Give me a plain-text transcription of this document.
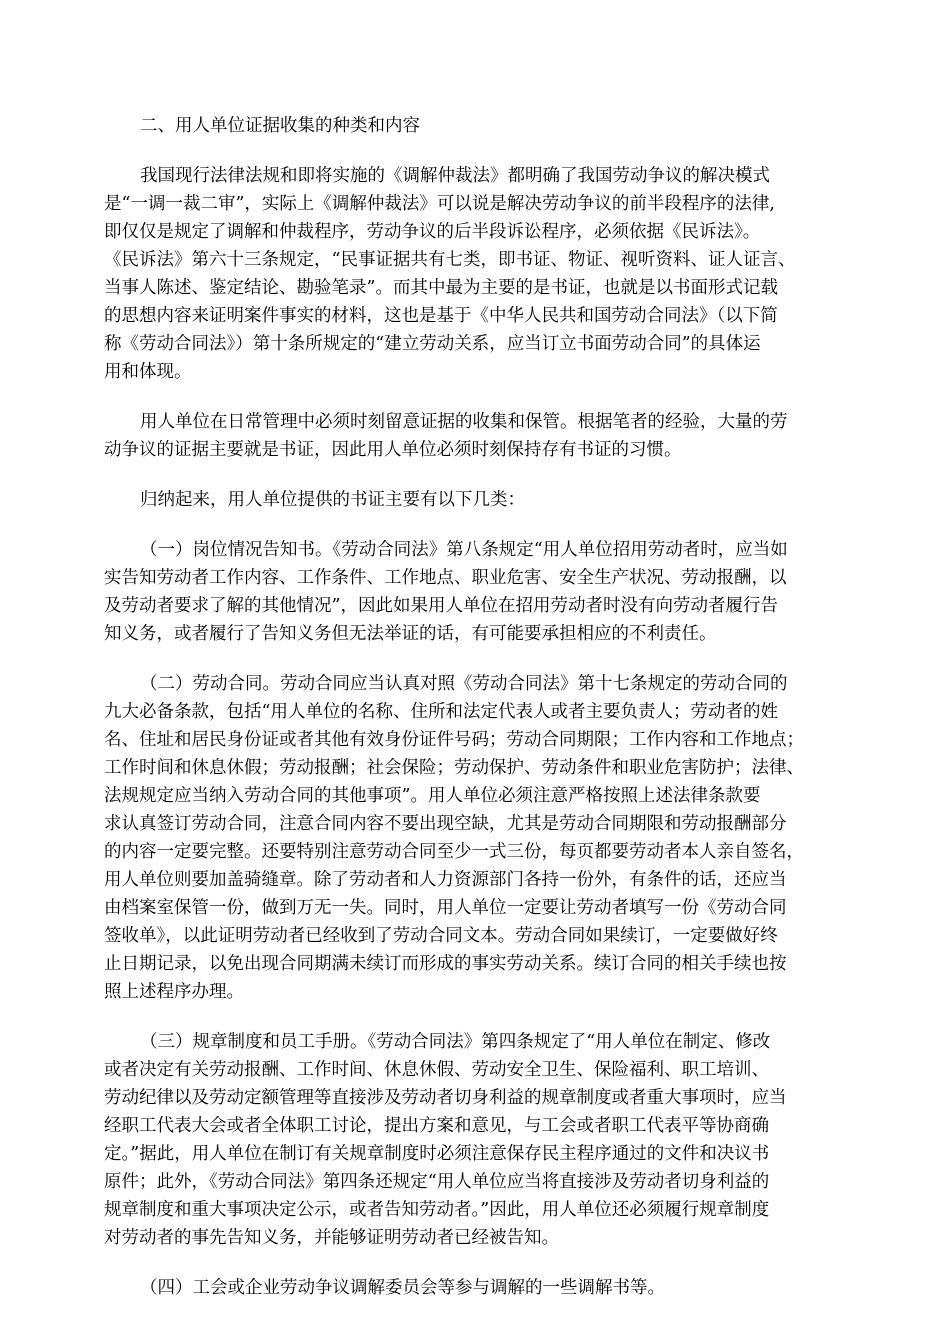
二、用人单位证据收集的种类和内容
我国现行法律法规和即将实施的《调解仲裁法》都明确了我国劳动争议的解决模式
是“一调一裁二审”，实际上《调解仲裁法》可以说是解决劳动争议的前半段程序的法律,
即仅仅是规定了调解和仲裁程序，劳动争议的后半段诉讼程序，必须依据《民诉法》。
《民诉法》第六十三条规定，“民事证据共有七类，即书证、物证、视听资料、证人证言、
当事人陈述、鉴定结论、勘验笔录”。而其中最为主要的是书证，也就是以书面形式记载
的思想内容来证明案件事实的材料，这也是基于《中华人民共和国劳动合同法》（以下简
称《劳动合同法》）第十条所规定的“建立劳动关系，应当订立书面劳动合同”的具体运
用和体现。
用人单位在日常管理中必须时刻留意证据的收集和保管。根据笔者的经验，大量的劳
动争议的证据主要就是书证，因此用人单位必须时刻保持存有书证的习惯。
归纳起来，用人单位提供的书证主要有以下几类：
（一）岗位情况告知书。《劳动合同法》第八条规定“用人单位招用劳动者时，应当如
实告知劳动者工作内容、工作条件、工作地点、职业危害、安全生产状况、劳动报酬，以
及劳动者要求了解的其他情况”，因此如果用人单位在招用劳动者时没有向劳动者履行告
知义务，或者履行了告知义务但无法举证的话，有可能要承担相应的不利责任。
（二）劳动合同。劳动合同应当认真对照《劳动合同法》第十七条规定的劳动合同的
九大必备条款，包括“用人单位的名称、住所和法定代表人或者主要负责人；劳动者的姓
名、住址和居民身份证或者其他有效身份证件号码；劳动合同期限；工作内容和工作地点；
工作时间和休息休假；劳动报酬；社会保险；劳动保护、劳动条件和职业危害防护；法律、
法规规定应当纳入劳动合同的其他事项”。用人单位必须注意严格按照上述法律条款要
求认真签订劳动合同，注意合同内容不要出现空缺，尤其是劳动合同期限和劳动报酬部分
的内容一定要完整。还要特别注意劳动合同至少一式三份，每页都要劳动者本人亲自签名，
用人单位则要加盖骑缝章。除了劳动者和人力资源部门各持一份外，有条件的话，还应当
由档案室保管一份，做到万无一失。同时，用人单位一定要让劳动者填写一份《劳动合同
签收单》，以此证明劳动者已经收到了劳动合同文本。劳动合同如果续订，一定要做好终
止日期记录，以免出现合同期满未续订而形成的事实劳动关系。续订合同的相关手续也按
照上述程序办理。
（三）规章制度和员工手册。《劳动合同法》第四条规定了“用人单位在制定、修改
或者决定有关劳动报酬、工作时间、休息休假、劳动安全卫生、保险福利、职工培训、
劳动纪律以及劳动定额管理等直接涉及劳动者切身利益的规章制度或者重大事项时，应当
经职工代表大会或者全体职工讨论，提出方案和意见，与工会或者职工代表平等协商确
定。”据此，用人单位在制订有关规章制度时必须注意保存民主程序通过的文件和决议书
原件；此外，《劳动合同法》第四条还规定“用人单位应当将直接涉及劳动者切身利益的
规章制度和重大事项决定公示，或者告知劳动者。”因此，用人单位还必须履行规章制度
对劳动者的事先告知义务，并能够证明劳动者已经被告知。
（四）工会或企业劳动争议调解委员会等参与调解的一些调解书等。
